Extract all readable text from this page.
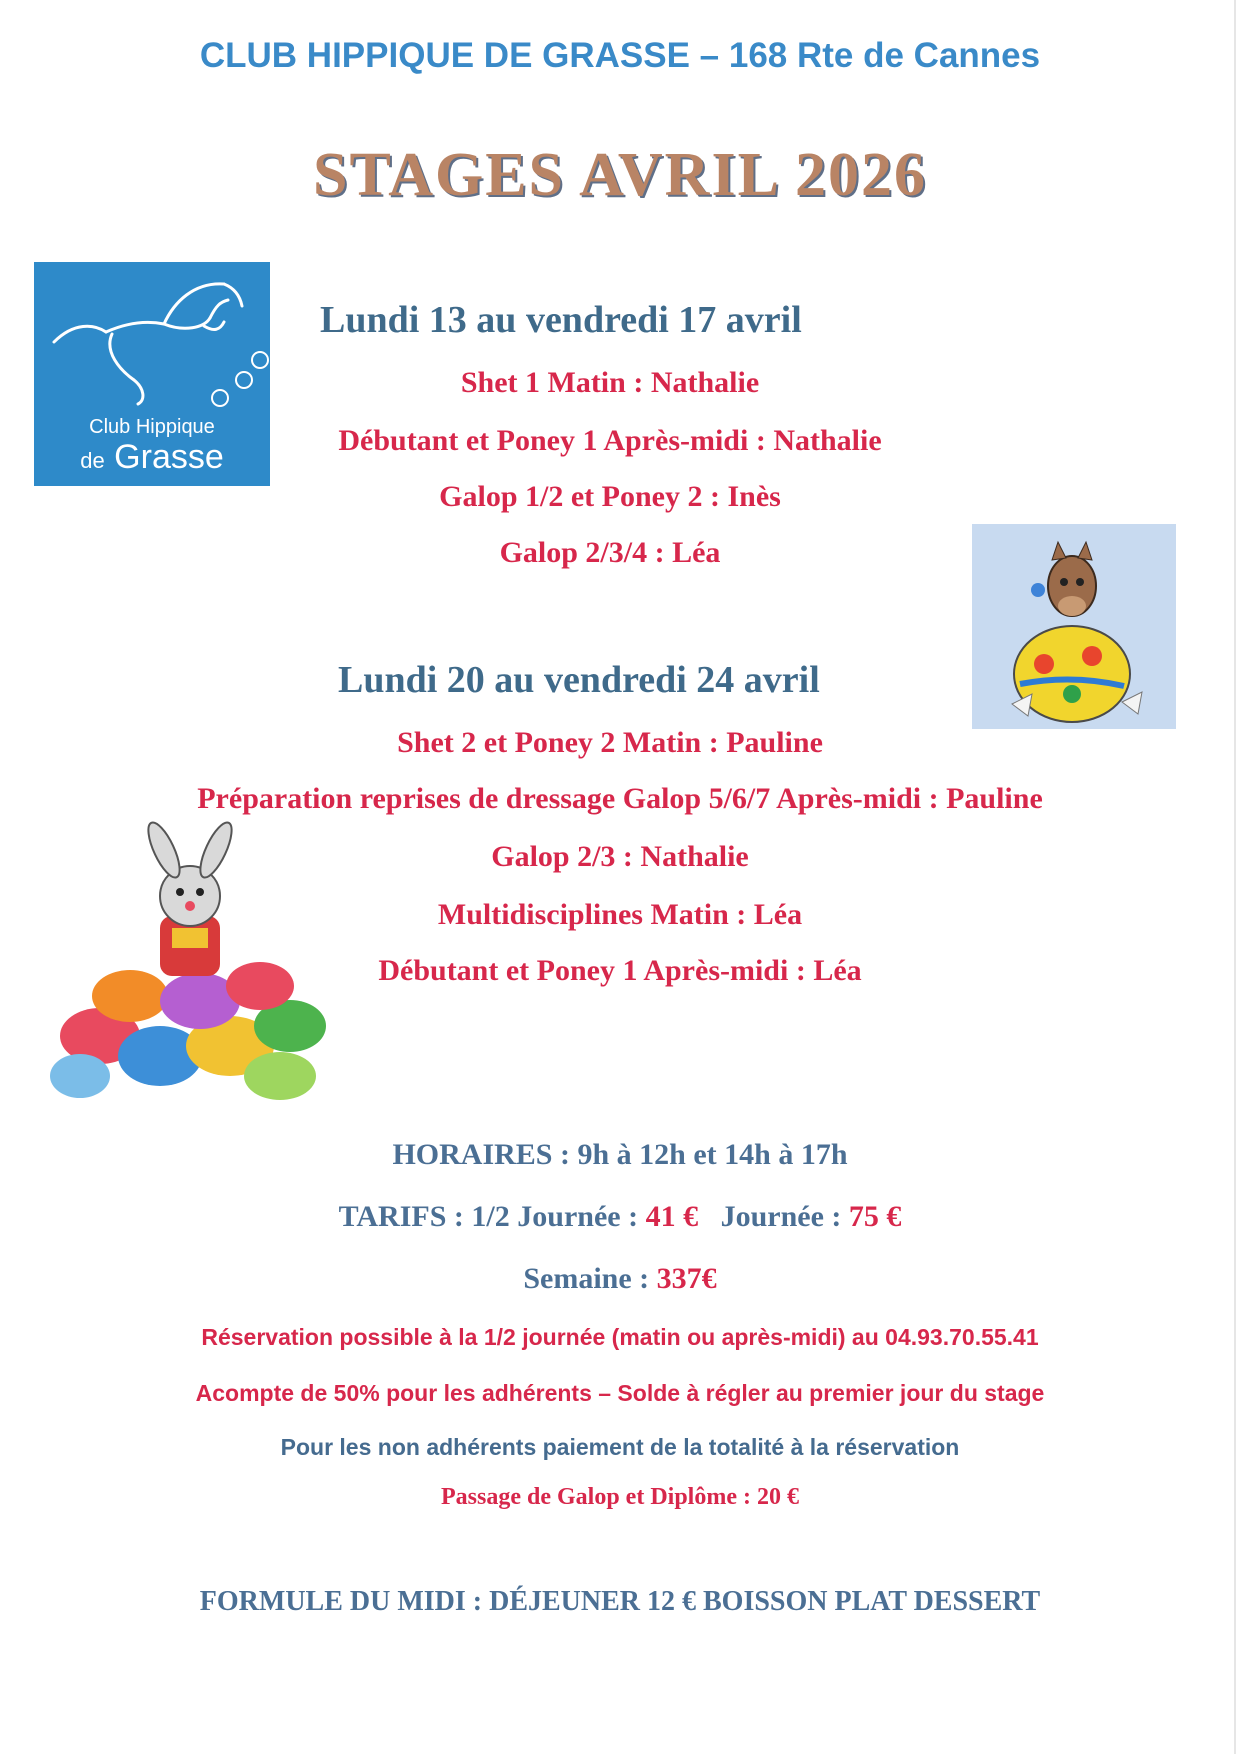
CLUB HIPPIQUE DE GRASSE – 168 Rte de Cannes
STAGES AVRIL 2026
Club Hippique
de Grasse
Lundi 13 au vendredi 17 avril
Shet 1 Matin : Nathalie
Débutant et Poney 1 Après-midi : Nathalie
Galop 1/2 et Poney 2 : Inès
Galop 2/3/4 : Léa
Lundi 20 au vendredi 24 avril
Shet 2 et Poney 2 Matin : Pauline
Préparation reprises de dressage Galop 5/6/7 Après-midi : Pauline
Galop 2/3 : Nathalie
Multidisciplines Matin : Léa
Débutant et Poney 1 Après-midi : Léa
HORAIRES : 9h à 12h et 14h à 17h
TARIFS : 1/2 Journée : 41 € Journée : 75 €
Semaine : 337€
Réservation possible à la 1/2 journée (matin ou après-midi) au 04.93.70.55.41
Acompte de 50% pour les adhérents – Solde à régler au premier jour du stage
Pour les non adhérents paiement de la totalité à la réservation
Passage de Galop et Diplôme : 20 €
FORMULE DU MIDI : DÉJEUNER 12 € BOISSON PLAT DESSERT
